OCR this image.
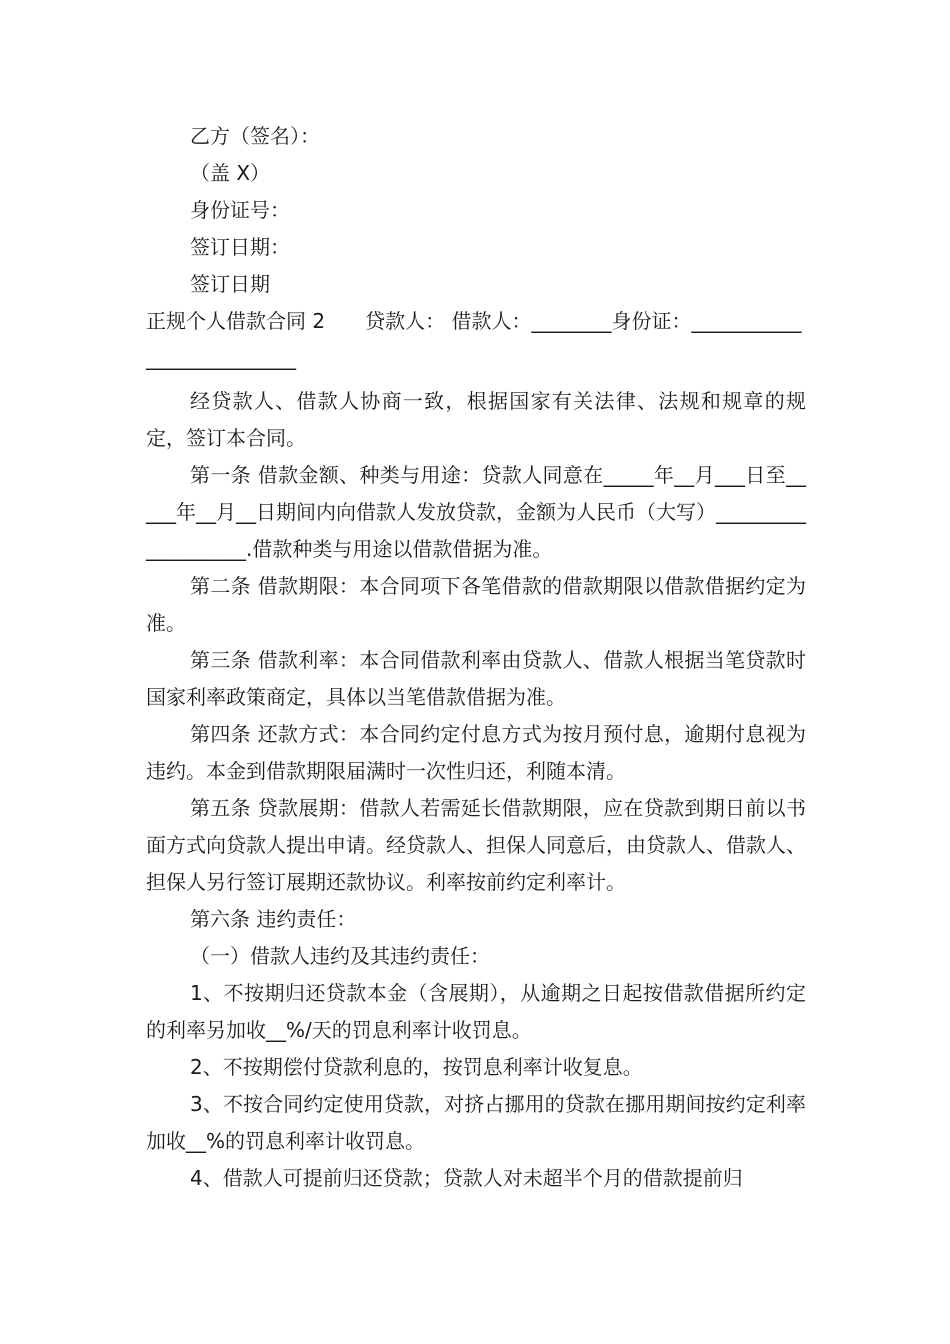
乙方（签名）：
（盖 X）
身份证号：
签订日期：
签订日期
正规个人借款合同 2　　贷款人： 借款人：________身份证：__________________________
经贷款人、借款人协商一致，根据国家有关法律、法规和规章的规定，签订本合同。
第一条 借款金额、种类与用途：贷款人同意在_____年__月___日至_____年__月__日期间内向借款人发放贷款，金额为人民币（大写）___________________.借款种类与用途以借款借据为准。
第二条 借款期限：本合同项下各笔借款的借款期限以借款借据约定为准。
第三条 借款利率：本合同借款利率由贷款人、借款人根据当笔贷款时国家利率政策商定，具体以当笔借款借据为准。
第四条 还款方式：本合同约定付息方式为按月预付息，逾期付息视为违约。本金到借款期限届满时一次性归还，利随本清。
第五条 贷款展期：借款人若需延长借款期限，应在贷款到期日前以书面方式向贷款人提出申请。经贷款人、担保人同意后，由贷款人、借款人、担保人另行签订展期还款协议。利率按前约定利率计。
第六条 违约责任：
（一）借款人违约及其违约责任：
1、不按期归还贷款本金（含展期），从逾期之日起按借款借据所约定的利率另加收__%/天的罚息利率计收罚息。
2、不按期偿付贷款利息的，按罚息利率计收复息。
3、不按合同约定使用贷款，对挤占挪用的贷款在挪用期间按约定利率加收__%的罚息利率计收罚息。
4、借款人可提前归还贷款；贷款人对未超半个月的借款提前归
